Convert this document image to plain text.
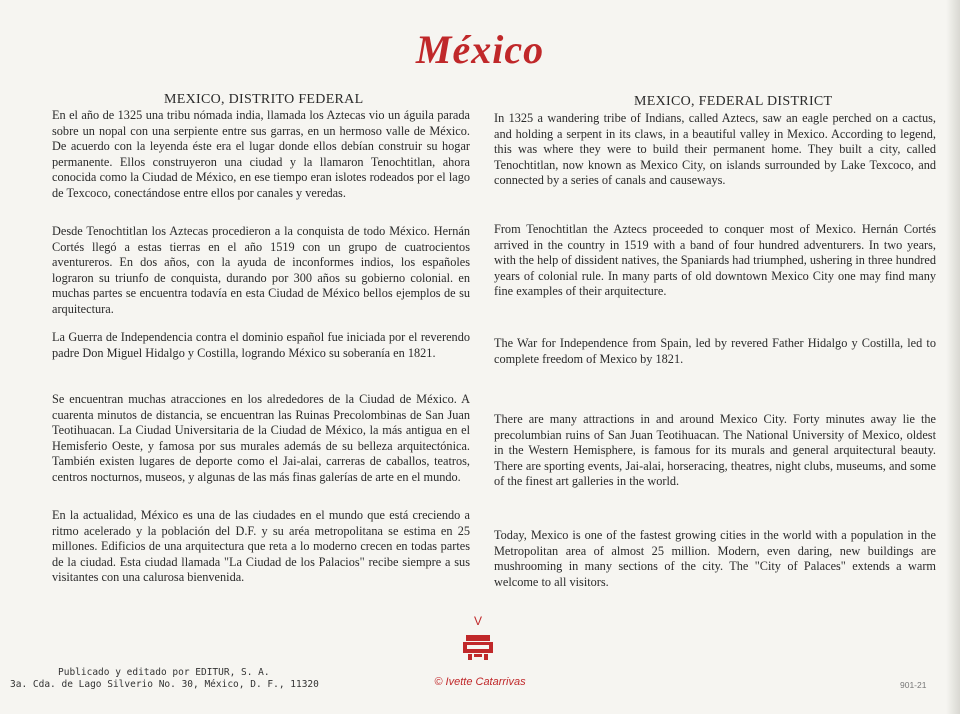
México
MEXICO, DISTRITO FEDERAL

En el año de 1325 una tribu nómada india, llamada los Aztecas vio un águila parada sobre un nopal con una serpiente entre sus garras, en un hermoso valle de México. De acuerdo con la leyenda éste era el lugar donde ellos debían construir su hogar permanente. Ellos construyeron una ciudad y la llamaron Tenochtitlan, ahora conocida como la Ciudad de México, en ese tiempo eran islotes rodeados por el lago de Texcoco, conectándose entre ellos por canales y veredas.

Desde Tenochtitlan los Aztecas procedieron a la conquista de todo México. Hernán Cortés llegó a estas tierras en el año 1519 con un grupo de cuatrocientos aventureros. En dos años, con la ayuda de inconformes indios, los españoles lograron su triunfo de conquista, durando por 300 años su gobierno colonial. en muchas partes se encuentra todavía en esta Ciudad de México bellos ejemplos de su arquitectura.

La Guerra de Independencia contra el dominio español fue iniciada por el reverendo padre Don Miguel Hidalgo y Costilla, logrando México su soberanía en 1821.

Se encuentran muchas atracciones en los alrededores de la Ciudad de México. A cuarenta minutos de distancia, se encuentran las Ruinas Precolombinas de San Juan Teotihuacan. La Ciudad Universitaria de la Ciudad de México, la más antigua en el Hemisferio Oeste, y famosa por sus murales además de su belleza arquitectónica. También existen lugares de deporte como el Jai-alai, carreras de caballos, teatros, centros nocturnos, museos, y algunas de las más finas galerías de arte en el mundo.

En la actualidad, México es una de las ciudades en el mundo que está creciendo a ritmo acelerado y la población del D.F. y su aréa metropolitana se estima en 25 millones. Edificios de una arquitectura que reta a lo moderno crecen en todas partes de la ciudad. Esta ciudad llamada "La Ciudad de los Palacios" recibe siempre a sus visitantes con una calurosa bienvenida.

MEXICO, FEDERAL DISTRICT

In 1325 a wandering tribe of Indians, called Aztecs, saw an eagle perched on a cactus, and holding a serpent in its claws, in a beautiful valley in Mexico. According to legend, this was where they were to build their permanent home. They built a city, called Tenochtitlan, now known as Mexico City, on islands surrounded by Lake Texcoco, and connected by a series of canals and causeways.

From Tenochtitlan the Aztecs proceeded to conquer most of Mexico. Hernán Cortés arrived in the country in 1519 with a band of four hundred adventurers. In two years, with the help of dissident natives, the Spaniards had triumphed, ushering in three hundred years of colonial rule. In many parts of old downtown Mexico City one may find many fine examples of their arquitecture.

The War for Independence from Spain, led by revered Father Hidalgo y Costilla, led to complete freedom of Mexico by 1821.

There are many attractions in and around Mexico City. Forty minutes away lie the precolumbian ruins of San Juan Teotihuacan. The National University of Mexico, oldest in the Western Hemisphere, is famous for its murals and general arquitectural beauty. There are sporting events, Jai-alai, horseracing, theatres, night clubs, museums, and some of the finest art galleries in the world.

Today, Mexico is one of the fastest growing cities in the world with a population in the Metropolitan area of almost 25 million. Modern, even daring, new buildings are mushrooming in many sections of the city. The "City of Palaces" extends a warm welcome to all visitors.

V
Publicado y editado por EDITUR, S. A.
3a. Cda. de Lago Silverio No. 30, México, D. F., 11320	© Ivette Catarrivas	901-21
